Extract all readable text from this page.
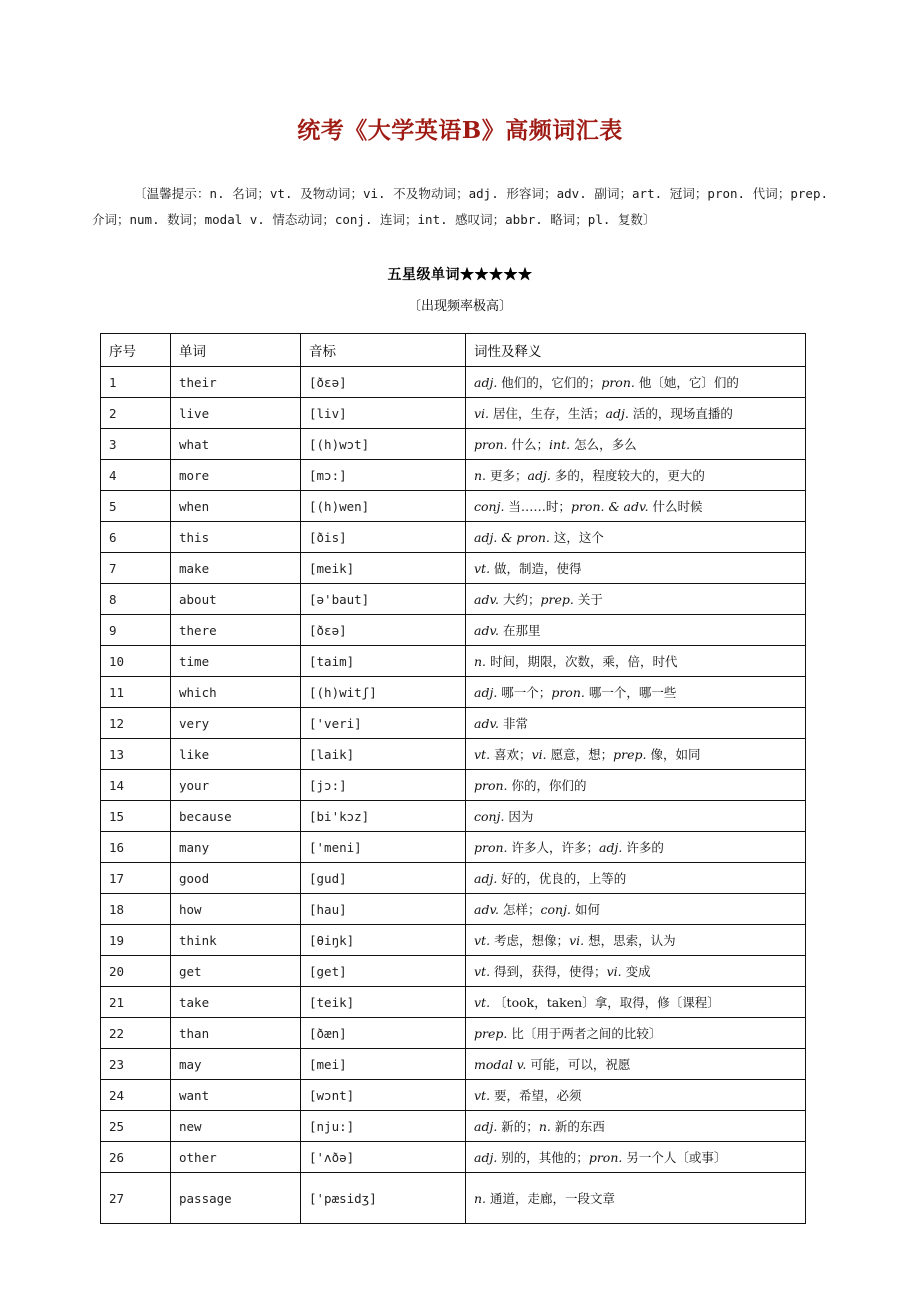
统考《大学英语B》高频词汇表

〔温馨提示：n. 名词；vt. 及物动词；vi. 不及物动词；adj. 形容词；adv. 副词；art. 冠词；pron. 代词；prep. 介词；num. 数词；modal v. 情态动词；conj. 连词；int. 感叹词；abbr. 略词；pl. 复数〕

五星级单词★★★★★
〔出现频率极高〕
序号	单词	音标	词性及释义
1	their	[ðεə]	adj. 他们的，它们的；pron. 他〔她，它〕们的
2	live	[liv]	vi. 居住，生存，生活；adj. 活的，现场直播的
3	what	[(h)wɔt]	pron. 什么；int. 怎么，多么
4	more	[mɔ:]	n. 更多；adj. 多的，程度较大的，更大的
5	when	[(h)wen]	conj. 当……时；pron. & adv. 什么时候
6	this	[ðis]	adj. & pron. 这，这个
7	make	[meik]	vt. 做，制造，使得
8	about	[ə'baut]	adv. 大约；prep. 关于
9	there	[ðεə]	adv. 在那里
10	time	[taim]	n. 时间，期限，次数，乘，倍，时代
11	which	[(h)witʃ]	adj. 哪一个；pron. 哪一个，哪一些
12	very	['veri]	adv. 非常
13	like	[laik]	vt. 喜欢；vi. 愿意，想；prep. 像，如同
14	your	[jɔ:]	pron. 你的，你们的
15	because	[bi'kɔz]	conj. 因为
16	many	['meni]	pron. 许多人，许多；adj. 许多的
17	good	[gud]	adj. 好的，优良的，上等的
18	how	[hau]	adv. 怎样；conj. 如何
19	think	[θiŋk]	vt. 考虑，想像；vi. 想，思索，认为
20	get	[get]	vt. 得到，获得，使得；vi. 变成
21	take	[teik]	vt. 〔took，taken〕拿，取得，修〔课程〕
22	than	[ðæn]	prep. 比〔用于两者之间的比较〕
23	may	[mei]	modal v. 可能，可以，祝愿
24	want	[wɔnt]	vt. 要，希望，必须
25	new	[nju:]	adj. 新的；n. 新的东西
26	other	['ʌðə]	adj. 别的，其他的；pron. 另一个人〔或事〕
27	passage	['pæsidʒ]	n. 通道，走廊，一段文章
